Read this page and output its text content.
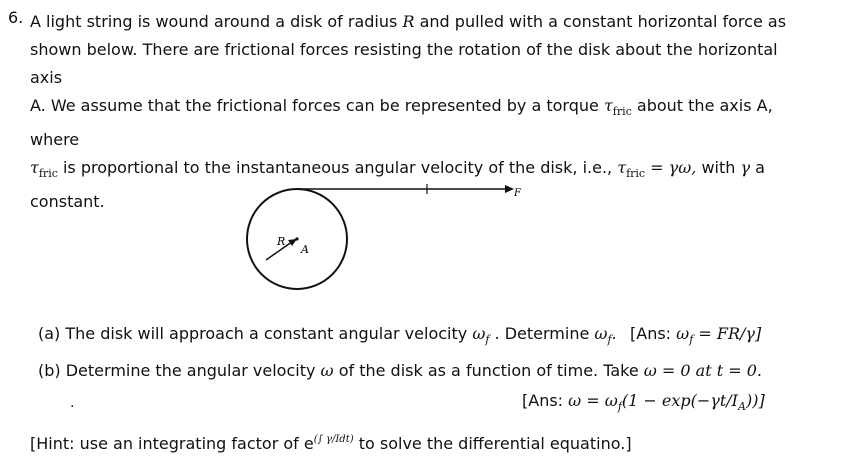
6. A light string is wound around a disk of radius R and pulled with a constant horizontal force as
shown below. There are frictional forces resisting the rotation of the disk about the horizontal axis
A. We assume that the frictional forces can be represented by a torque $\tau_{fric}$ about the axis A, where
$\tau_{fric}$ is proportional to the instantaneous angular velocity of the disk, i.e., $\tau_{fric} = \gamma\omega$, with γ a
constant.	F
R
A
(a) The disk will approach a constant angular velocity $\omega_f$ . Determine $\omega_f$. [Ans: $\omega_f = FR/\gamma$]
(b) Determine the angular velocity ω of the disk as a function of time. Take ω = 0 at t = 0.
.	[Ans: $\omega = \omega_f(1 - \exp(-\gamma t/I_A))$]
[Hint: use an integrating factor of $e^{(\int \gamma/Idt)}$ to solve the differential equatino.]
